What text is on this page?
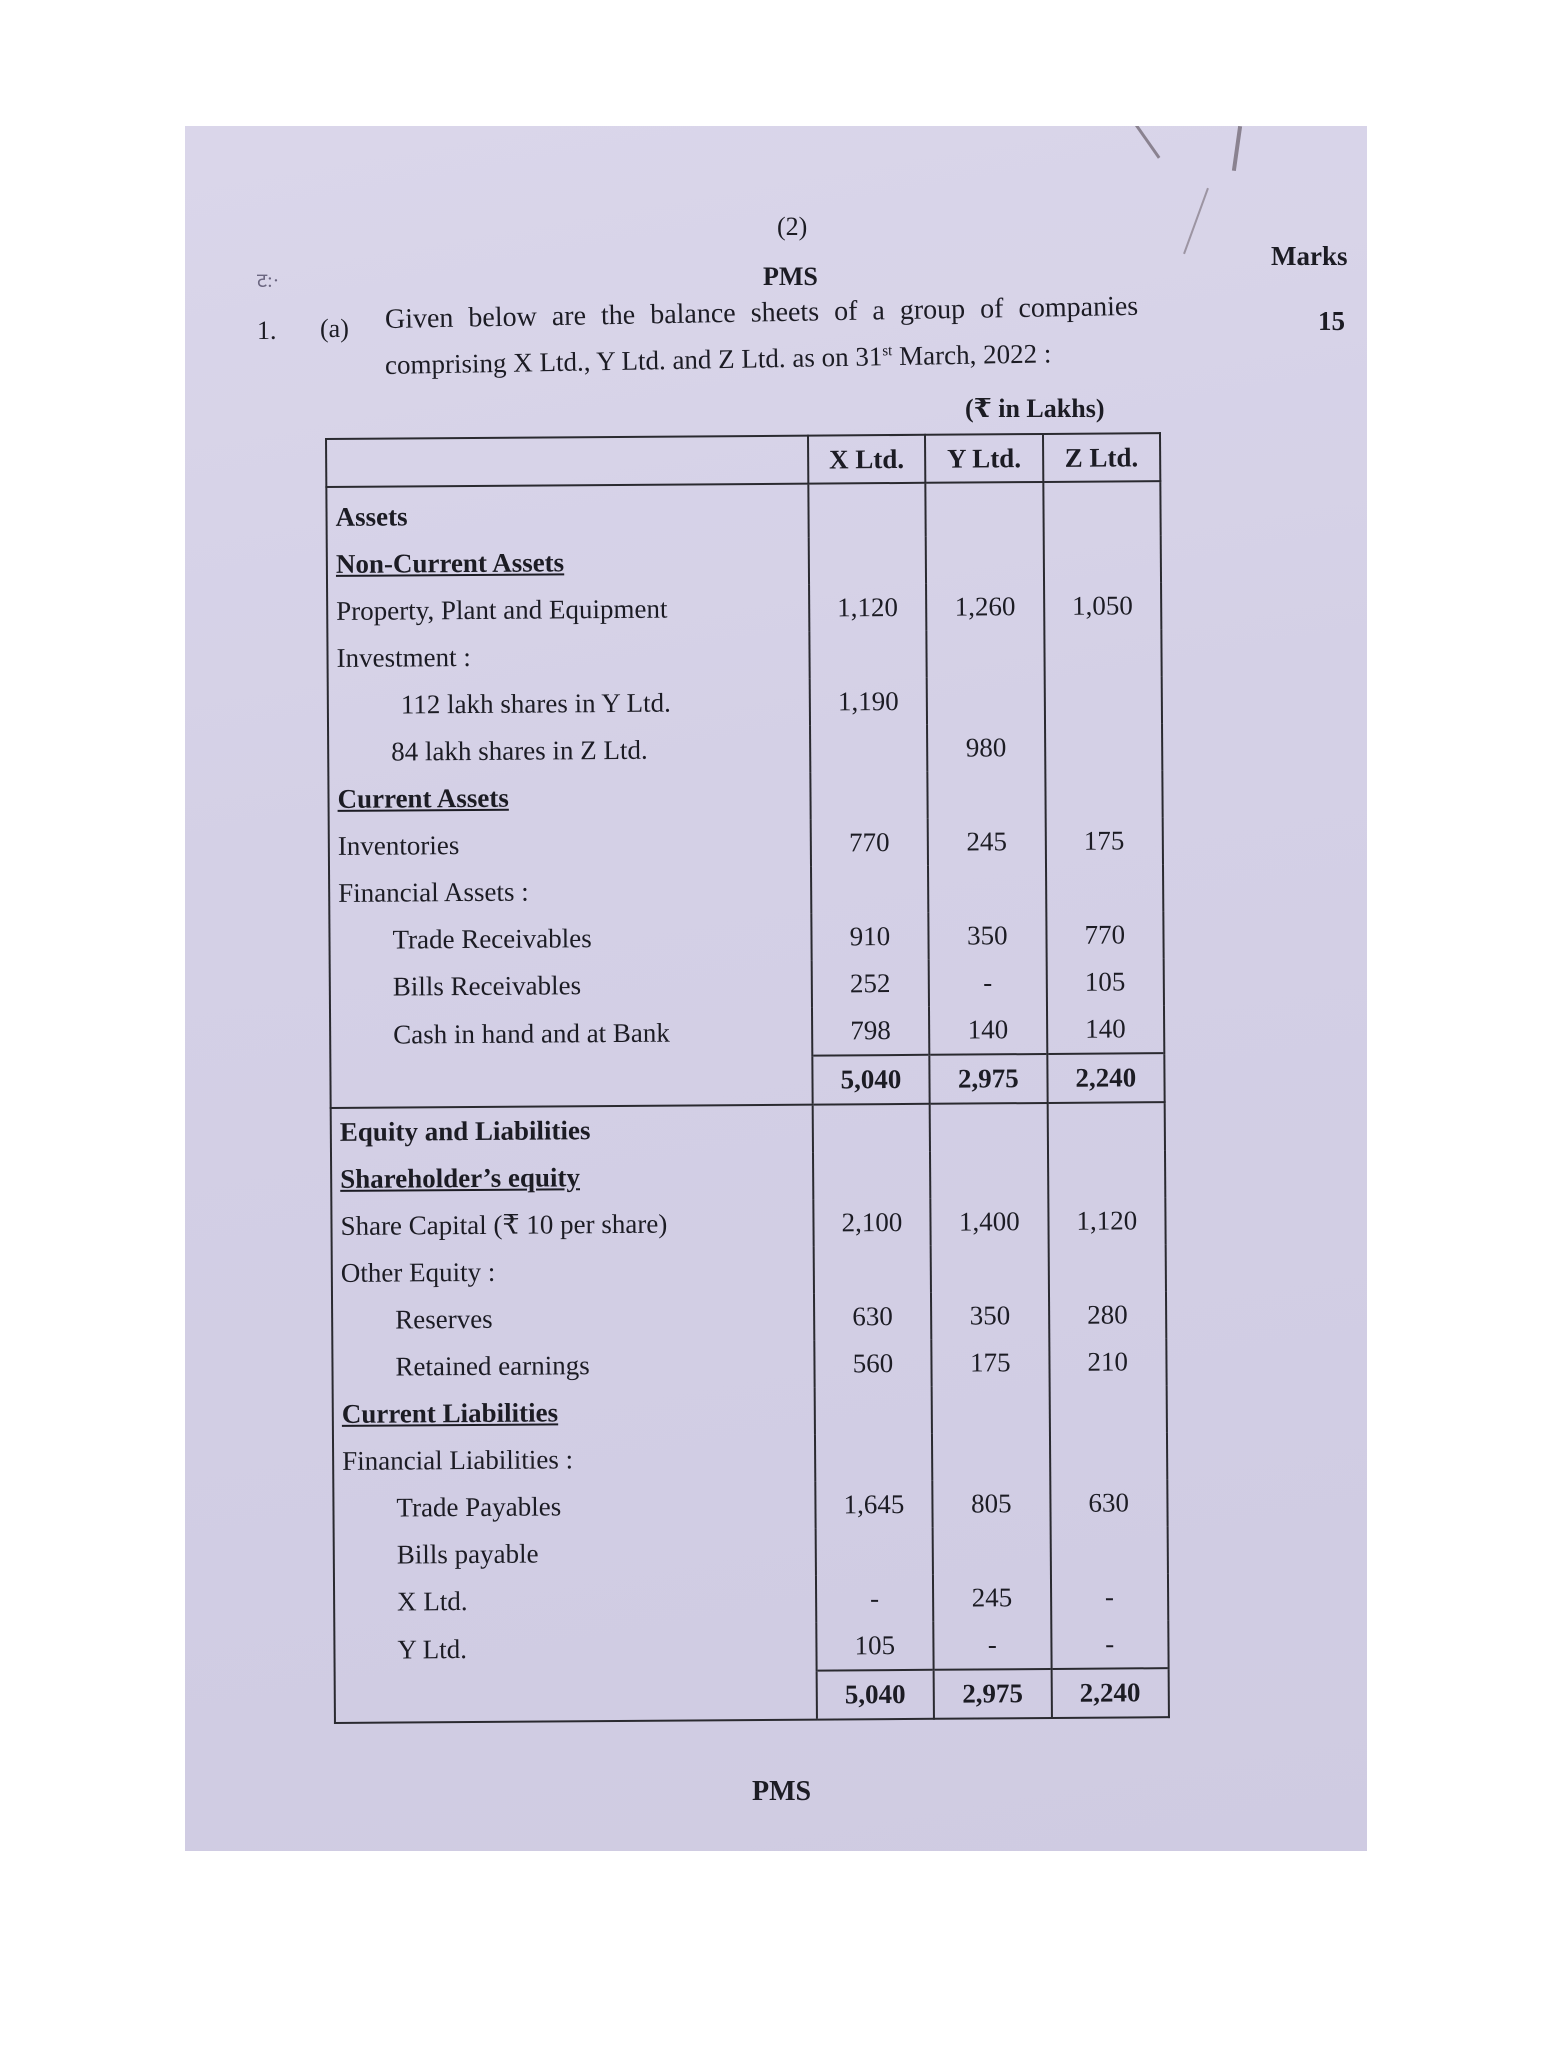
(2)
ट:·	PMS
Marks
1. (a) Given below are the balance sheets of a group of companies
comprising X Ltd., Y Ltd. and Z Ltd. as on 31st March, 2022 :
15
(₹ in Lakhs)
	X Ltd.	Y Ltd.	Z Ltd.
Assets			
Non-Current Assets			
Property, Plant and Equipment	1,120	1,260	1,050
Investment :			
112 lakh shares in Y Ltd.	1,190		
84 lakh shares in Z Ltd.		980	
Current Assets			
Inventories	770	245	175
Financial Assets :			
Trade Receivables	910	350	770
Bills Receivables	252	-	105
Cash in hand and at Bank	798	140	140
	5,040	2,975	2,240
Equity and Liabilities			
Shareholder’s equity			
Share Capital (₹ 10 per share)	2,100	1,400	1,120
Other Equity :			
Reserves	630	350	280
Retained earnings	560	175	210
Current Liabilities			
Financial Liabilities :			
Trade Payables	1,645	805	630
Bills payable			
X Ltd.	-	245	-
Y Ltd.	105	-	-
	5,040	2,975	2,240
PMS
